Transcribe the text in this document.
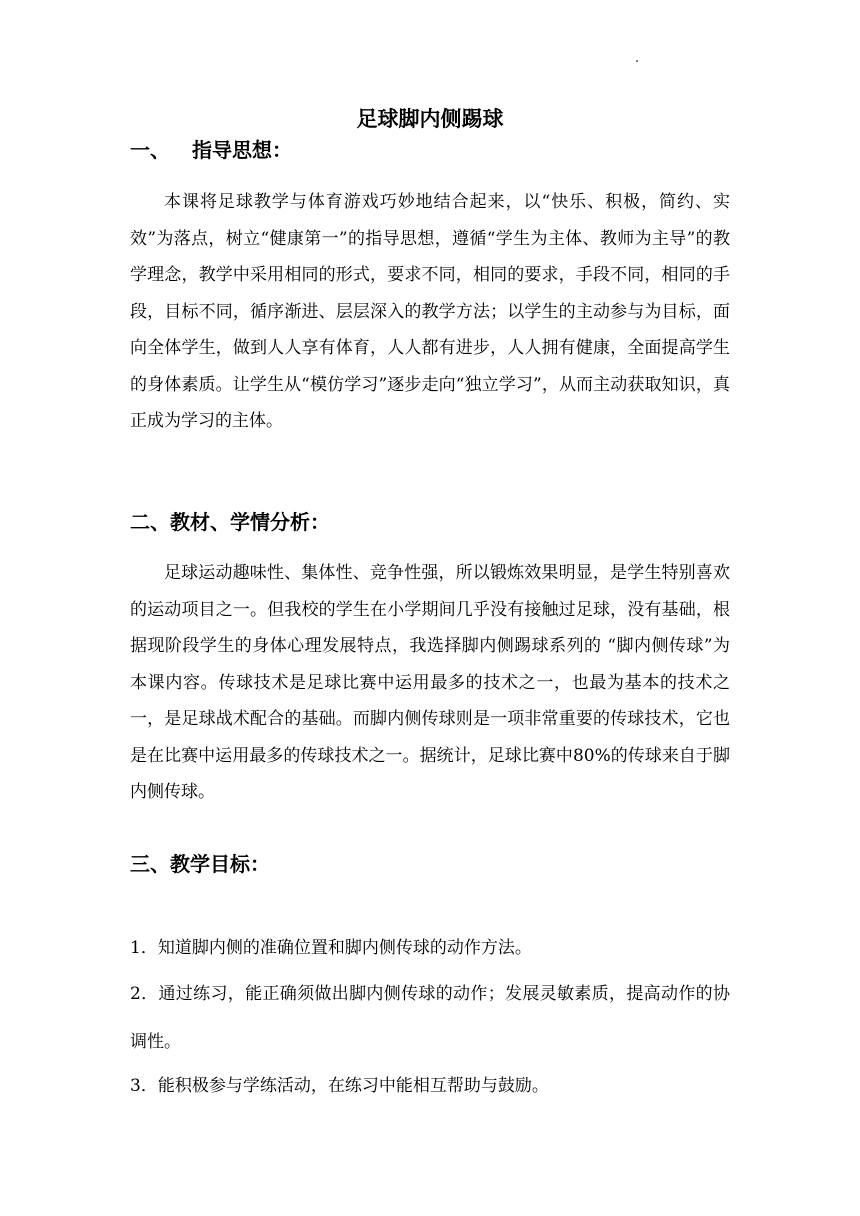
足球脚内侧踢球
一、 指导思想：

本课将足球教学与体育游戏巧妙地结合起来，以“快乐、积极，简约、实效”为落点，树立“健康第一”的指导思想，遵循“学生为主体、教师为主导”的教学理念，教学中采用相同的形式，要求不同，相同的要求，手段不同，相同的手段，目标不同，循序渐进、层层深入的教学方法；以学生的主动参与为目标，面向全体学生，做到人人享有体育，人人都有进步，人人拥有健康，全面提高学生的身体素质。让学生从“模仿学习”逐步走向“独立学习”，从而主动获取知识，真正成为学习的主体。

二、教材、学情分析：

足球运动趣味性、集体性、竞争性强，所以锻炼效果明显，是学生特别喜欢的运动项目之一。但我校的学生在小学期间几乎没有接触过足球，没有基础，根据现阶段学生的身体心理发展特点，我选择脚内侧踢球系列的 “脚内侧传球”为本课内容。传球技术是足球比赛中运用最多的技术之一，也最为基本的技术之一，是足球战术配合的基础。而脚内侧传球则是一项非常重要的传球技术，它也是在比赛中运用最多的传球技术之一。据统计，足球比赛中80%的传球来自于脚内侧传球。

三、教学目标：

1．知道脚内侧的准确位置和脚内侧传球的动作方法。

2．通过练习，能正确须做出脚内侧传球的动作；发展灵敏素质，提高动作的协调性。

3．能积极参与学练活动，在练习中能相互帮助与鼓励。
